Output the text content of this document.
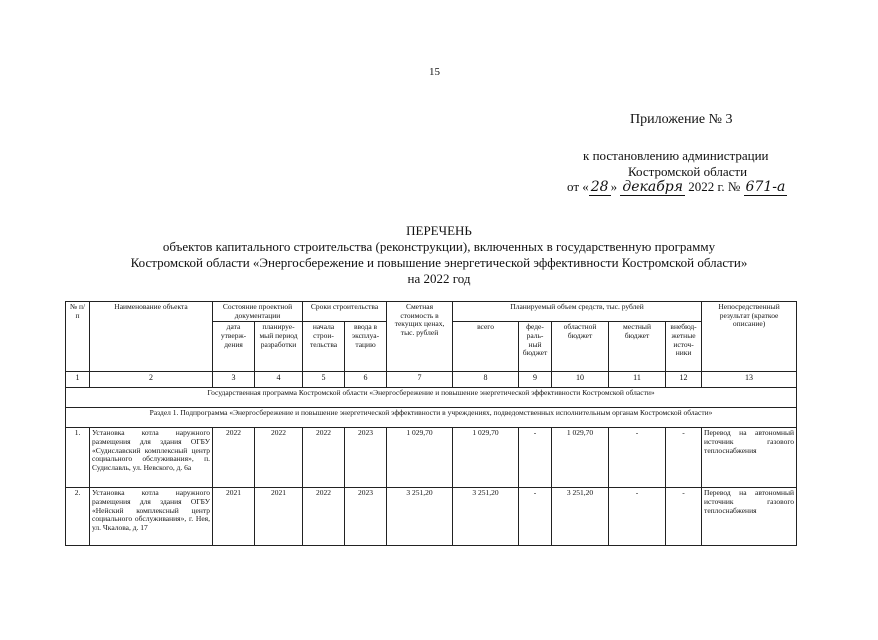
15
Приложение № 3
к постановлению администрации
Костромской области
от « 28 » декабря 2022 г. № 671-а
ПЕРЕЧЕНЬ
объектов капитального строительства (реконструкции), включенных в государственную программу
Костромской области «Энергосбережение и повышение энергетической эффективности Костромской области»
на 2022 год
№ п/п	Наименование объекта	Состояние проектной документации		Сроки строительства		Сметная стоимость в текущих ценах, тыс. рублей	Планируемый объем средств, тыс. рублей					Непосредственный результат (краткое описание)
		дата утверж-дения	планируе-мый период разработки	начала строи-тельства	ввода в эксплуа-тацию		всего	феде-раль-ный бюджет	областной бюджет	местный бюджет	внебюд-жетные источ-ники	
1	2	3	4	5	6	7	8	9	10	11	12	13
Государственная программа Костромской области «Энергосбережение и повышение энергетической эффективности Костромской области»												
Раздел 1. Подпрограмма «Энергосбережение и повышение энергетической эффективности в учреждениях, подведомственных исполнительным органам Костромской области»												
1.	Установка котла наружного размещения для здания ОГБУ «Судиславский комплексный центр социального обслуживания», п. Судиславль, ул. Невского, д. 6а	2022	2022	2022	2023	1 029,70	1 029,70	-	1 029,70	-	-	Перевод на автономный источник газового теплоснабжения
2.	Установка котла наружного размещения для здания ОГБУ «Нейский комплексный центр социального обслуживания», г. Нея, ул. Чкалова, д. 17	2021	2021	2022	2023	3 251,20	3 251,20	-	3 251,20	-	-	Перевод на автономный источник газового теплоснабжения
